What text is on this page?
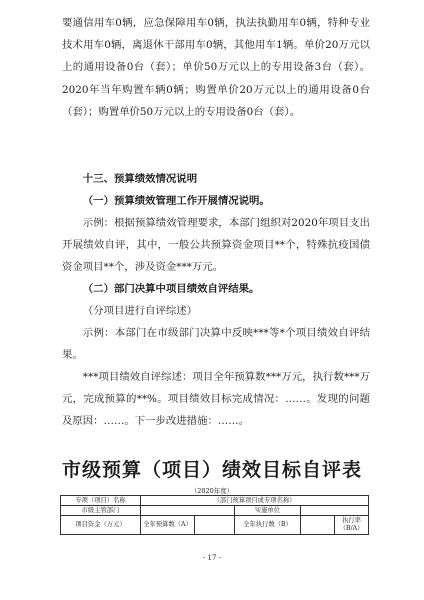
要通信用车0辆，应急保障用车0辆，执法执勤用车0辆，特种专业技术用车0辆，离退休干部用车0辆，其他用车1辆。单价20万元以上的通用设备0台（套）；单价50万元以上的专用设备3台（套）。2020年当年购置车辆0辆；购置单价20万元以上的通用设备0台（套）；购置单价50万元以上的专用设备0台（套）。

十三、预算绩效情况说明

（一）预算绩效管理工作开展情况说明。

示例：根据预算绩效管理要求，本部门组织对2020年项目支出开展绩效自评，其中，一般公共预算资金项目**个，特殊抗疫国债资金项目**个，涉及资金***万元。

（二）部门决算中项目绩效自评结果。

（分项目进行自评综述）

示例：本部门在市级部门决算中反映***等*个项目绩效自评结果。

***项目绩效自评综述：项目全年预算数***万元，执行数***万元，完成预算的**%。项目绩效目标完成情况：……。发现的问题及原因：……。下一步改进措施：……。

市级预算（项目）绩效目标自评表

（2020年度）

专项（项目）名称	（部门预算项目或专项名称）				
市级主管部门			实施单位		
项目资金（万元）	全年预算数（A）		全年执行数（B）		执行率（B/A）

- 17 -
